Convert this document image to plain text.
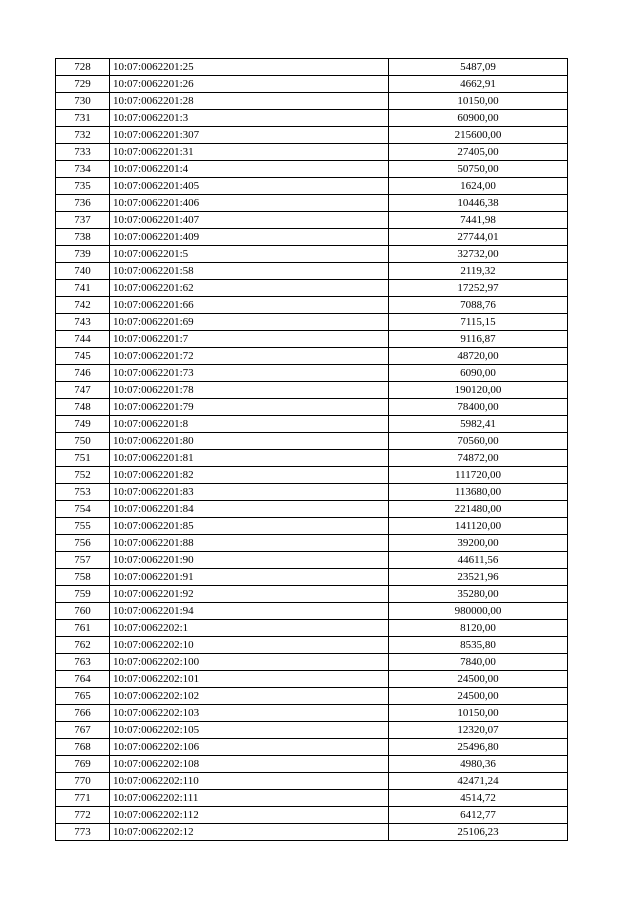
728	10:07:0062201:25	5487,09
729	10:07:0062201:26	4662,91
730	10:07:0062201:28	10150,00
731	10:07:0062201:3	60900,00
732	10:07:0062201:307	215600,00
733	10:07:0062201:31	27405,00
734	10:07:0062201:4	50750,00
735	10:07:0062201:405	1624,00
736	10:07:0062201:406	10446,38
737	10:07:0062201:407	7441,98
738	10:07:0062201:409	27744,01
739	10:07:0062201:5	32732,00
740	10:07:0062201:58	2119,32
741	10:07:0062201:62	17252,97
742	10:07:0062201:66	7088,76
743	10:07:0062201:69	7115,15
744	10:07:0062201:7	9116,87
745	10:07:0062201:72	48720,00
746	10:07:0062201:73	6090,00
747	10:07:0062201:78	190120,00
748	10:07:0062201:79	78400,00
749	10:07:0062201:8	5982,41
750	10:07:0062201:80	70560,00
751	10:07:0062201:81	74872,00
752	10:07:0062201:82	111720,00
753	10:07:0062201:83	113680,00
754	10:07:0062201:84	221480,00
755	10:07:0062201:85	141120,00
756	10:07:0062201:88	39200,00
757	10:07:0062201:90	44611,56
758	10:07:0062201:91	23521,96
759	10:07:0062201:92	35280,00
760	10:07:0062201:94	980000,00
761	10:07:0062202:1	8120,00
762	10:07:0062202:10	8535,80
763	10:07:0062202:100	7840,00
764	10:07:0062202:101	24500,00
765	10:07:0062202:102	24500,00
766	10:07:0062202:103	10150,00
767	10:07:0062202:105	12320,07
768	10:07:0062202:106	25496,80
769	10:07:0062202:108	4980,36
770	10:07:0062202:110	42471,24
771	10:07:0062202:111	4514,72
772	10:07:0062202:112	6412,77
773	10:07:0062202:12	25106,23
